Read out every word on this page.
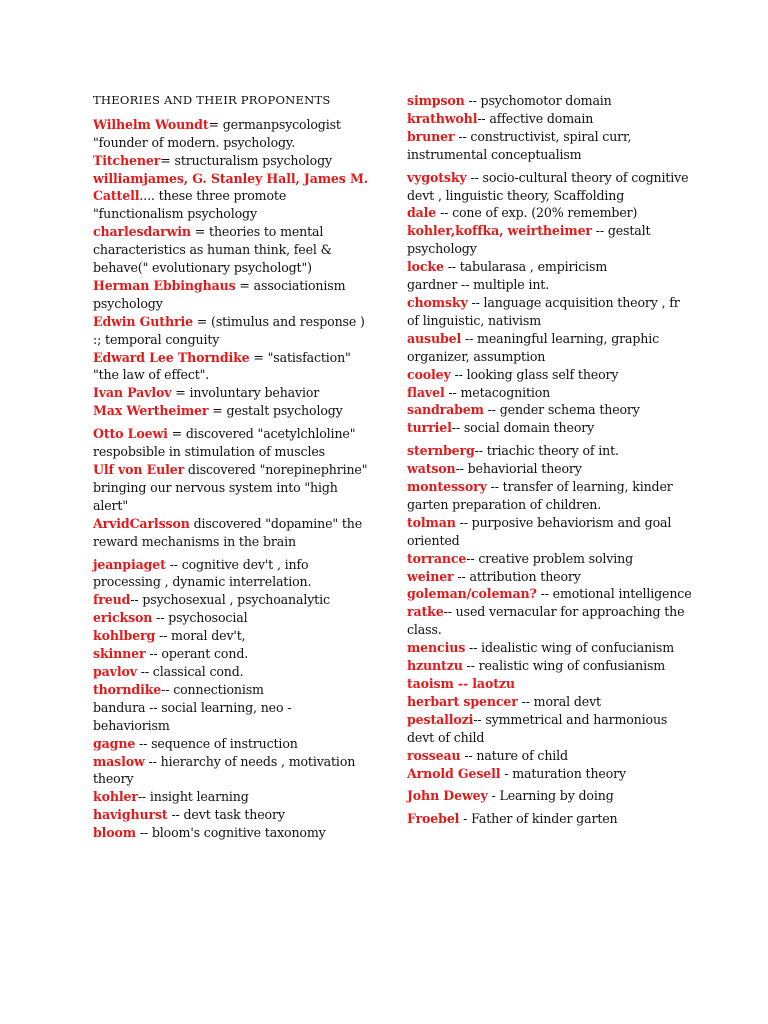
THEORIES AND THEIR PROPONENTS

Wilhelm Woundt= germanpsycologist "founder of modern. psychology.

Titchener= structuralism psychology

williamjames, G. Stanley Hall, James M. Cattell.... these three promote "functionalism psychology

charlesdarwin = theories to mental characteristics as human think, feel & behave(" evolutionary psychologt")

Herman Ebbinghaus = associationism psychology

Edwin Guthrie = (stimulus and response ) :; temporal conguity

Edward Lee Thorndike = "satisfaction" "the law of effect".

Ivan Pavlov = involuntary behavior

Max Wertheimer = gestalt psychology

Otto Loewi = discovered "acetylchloline" respobsible in stimulation of muscles

Ulf von Euler discovered "norepinephrine" bringing our nervous system into "high alert"

ArvidCarlsson discovered "dopamine" the reward mechanisms in the brain

jeanpiaget -- cognitive dev't , info processing , dynamic interrelation.

freud-- psychosexual , psychoanalytic

erickson -- psychosocial

kohlberg -- moral dev't,

skinner -- operant cond.

pavlov -- classical cond.

thorndike-- connectionism

bandura -- social learning, neo - behaviorism

gagne -- sequence of instruction

maslow -- hierarchy of needs , motivation theory

kohler-- insight learning

havighurst -- devt task theory

bloom -- bloom's cognitive taxonomy

simpson -- psychomotor domain

krathwohl-- affective domain

bruner -- constructivist, spiral curr, instrumental conceptualism

vygotsky -- socio-cultural theory of cognitive devt , linguistic theory, Scaffolding

dale -- cone of exp. (20% remember)

kohler,koffka, weirtheimer -- gestalt psychology

locke -- tabularasa , empiricism

gardner -- multiple int.

chomsky -- language acquisition theory , fr of linguistic, nativism

ausubel -- meaningful learning, graphic organizer, assumption

cooley -- looking glass self theory

flavel -- metacognition

sandrabem -- gender schema theory

turriel-- social domain theory

sternberg-- triachic theory of int.

watson-- behaviorial theory

montessory -- transfer of learning, kinder garten preparation of children.

tolman -- purposive behaviorism and goal oriented

torrance-- creative problem solving

weiner -- attribution theory

goleman/coleman? -- emotional intelligence

ratke-- used vernacular for approaching the class.

mencius -- idealistic wing of confucianism

hzuntzu -- realistic wing of confusianism

taoism -- laotzu

herbart spencer -- moral devt

pestallozi-- symmetrical and harmonious devt of child

rosseau -- nature of child

Arnold Gesell - maturation theory

John Dewey - Learning by doing

Froebel - Father of kinder garten
